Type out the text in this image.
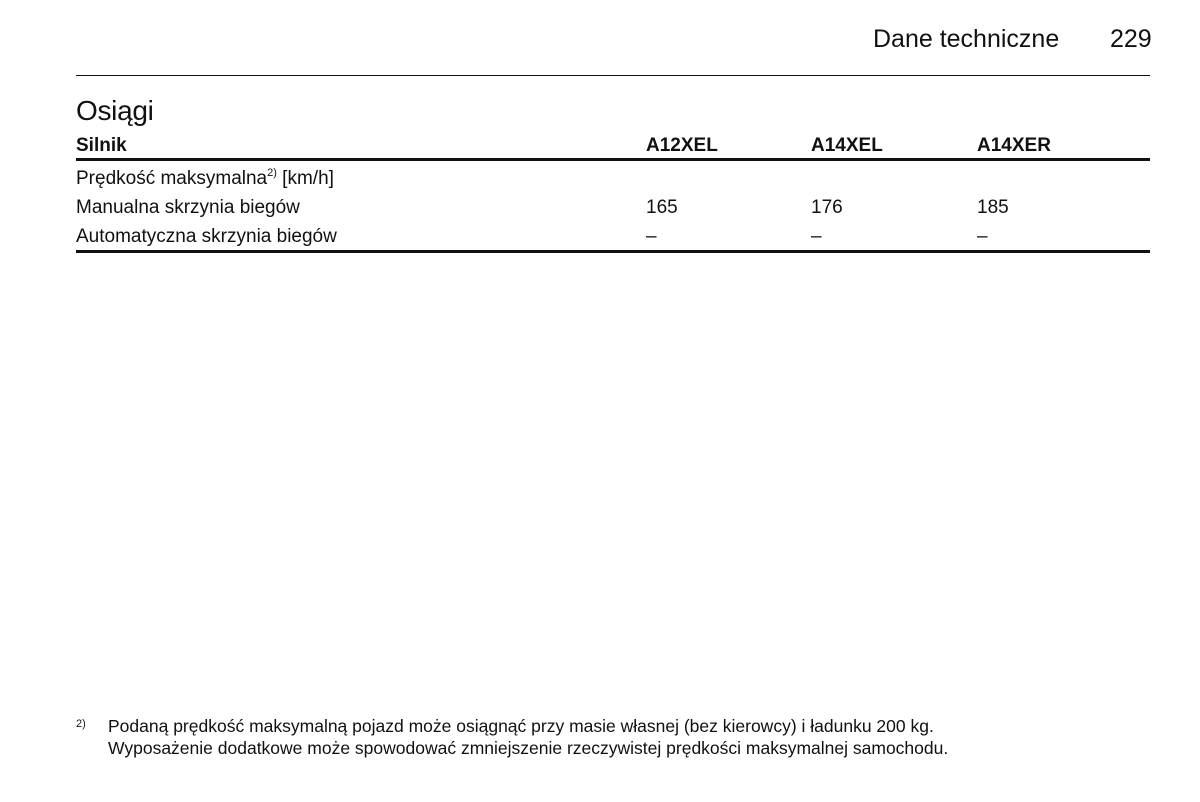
Dane techniczne 229
Osiągi
Silnik	A12XEL	A14XEL	A14XER
Prędkość maksymalna$^{2)}$ [km/h]
Manualna skrzynia biegów	165	176	185
Automatyczna skrzynia biegów	–	–	–
2) Podaną prędkość maksymalną pojazd może osiągnąć przy masie własnej (bez kierowcy) i ładunku 200 kg.
Wyposażenie dodatkowe może spowodować zmniejszenie rzeczywistej prędkości maksymalnej samochodu.
